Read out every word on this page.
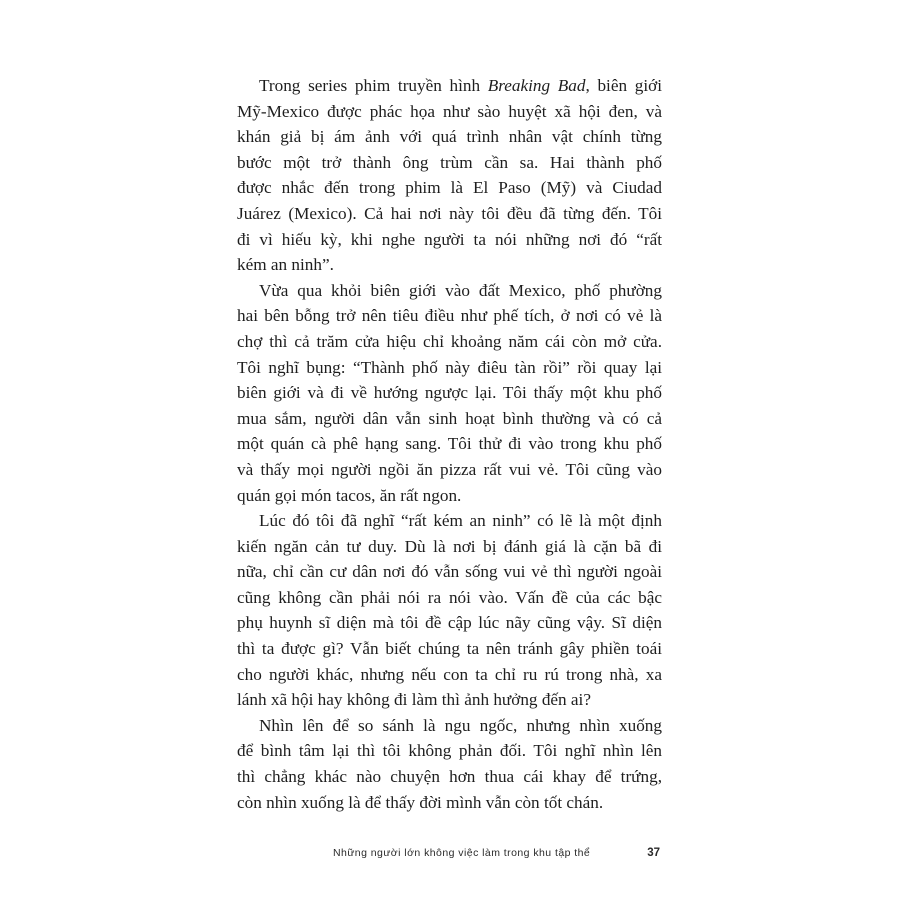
Trong series phim truyền hình Breaking Bad, biên giới
Mỹ-Mexico được phác họa như sào huyệt xã hội đen, và
khán giả bị ám ảnh với quá trình nhân vật chính từng
bước một trở thành ông trùm cần sa. Hai thành phố
được nhắc đến trong phim là El Paso (Mỹ) và Ciudad
Juárez (Mexico). Cả hai nơi này tôi đều đã từng đến. Tôi
đi vì hiếu kỳ, khi nghe người ta nói những nơi đó “rất
kém an ninh”.
Vừa qua khỏi biên giới vào đất Mexico, phố phường
hai bên bỗng trở nên tiêu điều như phế tích, ở nơi có vẻ là
chợ thì cả trăm cửa hiệu chỉ khoảng năm cái còn mở cửa.
Tôi nghĩ bụng: “Thành phố này điêu tàn rồi” rồi quay lại
biên giới và đi về hướng ngược lại. Tôi thấy một khu phố
mua sắm, người dân vẫn sinh hoạt bình thường và có cả
một quán cà phê hạng sang. Tôi thử đi vào trong khu phố
và thấy mọi người ngồi ăn pizza rất vui vẻ. Tôi cũng vào
quán gọi món tacos, ăn rất ngon.
Lúc đó tôi đã nghĩ “rất kém an ninh” có lẽ là một định
kiến ngăn cản tư duy. Dù là nơi bị đánh giá là cặn bã đi
nữa, chỉ cần cư dân nơi đó vẫn sống vui vẻ thì người ngoài
cũng không cần phải nói ra nói vào. Vấn đề của các bậc
phụ huynh sĩ diện mà tôi đề cập lúc nãy cũng vậy. Sĩ diện
thì ta được gì? Vẫn biết chúng ta nên tránh gây phiền toái
cho người khác, nhưng nếu con ta chỉ ru rú trong nhà, xa
lánh xã hội hay không đi làm thì ảnh hưởng đến ai?
Nhìn lên để so sánh là ngu ngốc, nhưng nhìn xuống
để bình tâm lại thì tôi không phản đối. Tôi nghĩ nhìn lên
thì chẳng khác nào chuyện hơn thua cái khay để trứng,
còn nhìn xuống là để thấy đời mình vẫn còn tốt chán.
Những người lớn không việc làm trong khu tập thể	37
